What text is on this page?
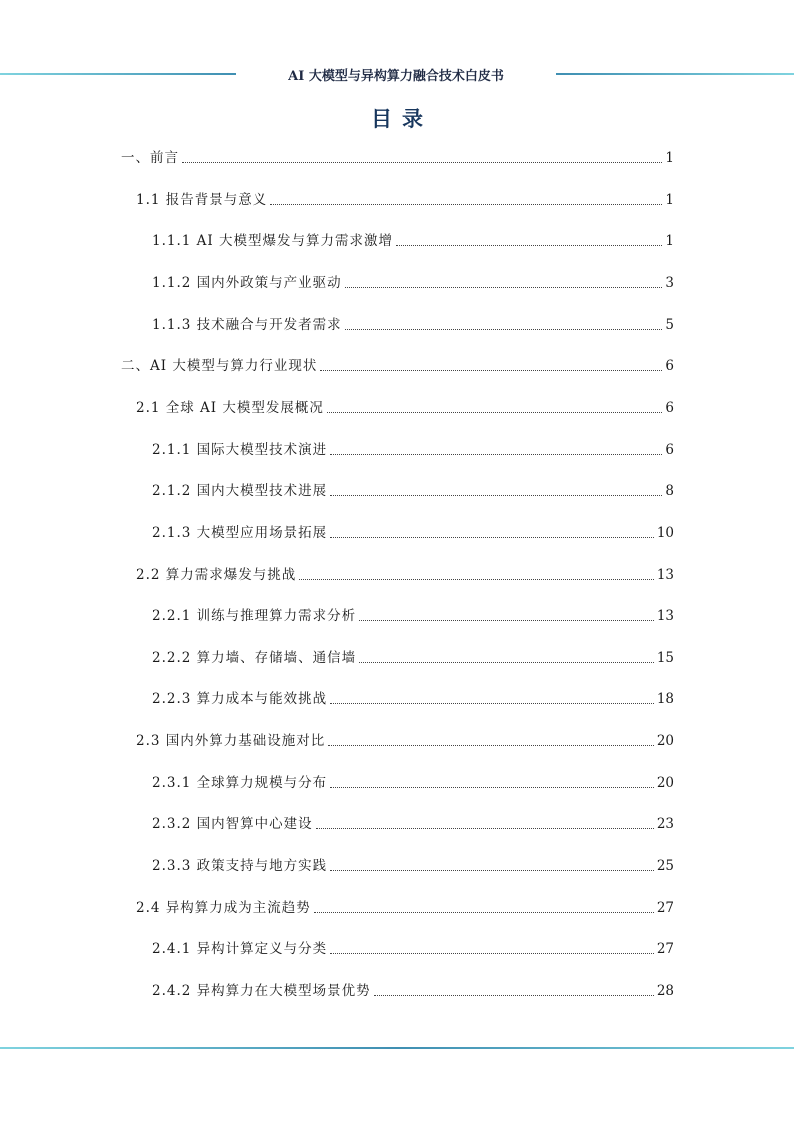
AI 大模型与异构算力融合技术白皮书
目录
一、前言	1
1.1 报告背景与意义	1
1.1.1 AI 大模型爆发与算力需求激增	1
1.1.2 国内外政策与产业驱动	3
1.1.3 技术融合与开发者需求	5
二、AI 大模型与算力行业现状	6
2.1 全球 AI 大模型发展概况	6
2.1.1 国际大模型技术演进	6
2.1.2 国内大模型技术进展	8
2.1.3 大模型应用场景拓展	10
2.2 算力需求爆发与挑战	13
2.2.1 训练与推理算力需求分析	13
2.2.2 算力墙、存储墙、通信墙	15
2.2.3 算力成本与能效挑战	18
2.3 国内外算力基础设施对比	20
2.3.1 全球算力规模与分布	20
2.3.2 国内智算中心建设	23
2.3.3 政策支持与地方实践	25
2.4 异构算力成为主流趋势	27
2.4.1 异构计算定义与分类	27
2.4.2 异构算力在大模型场景优势	28
